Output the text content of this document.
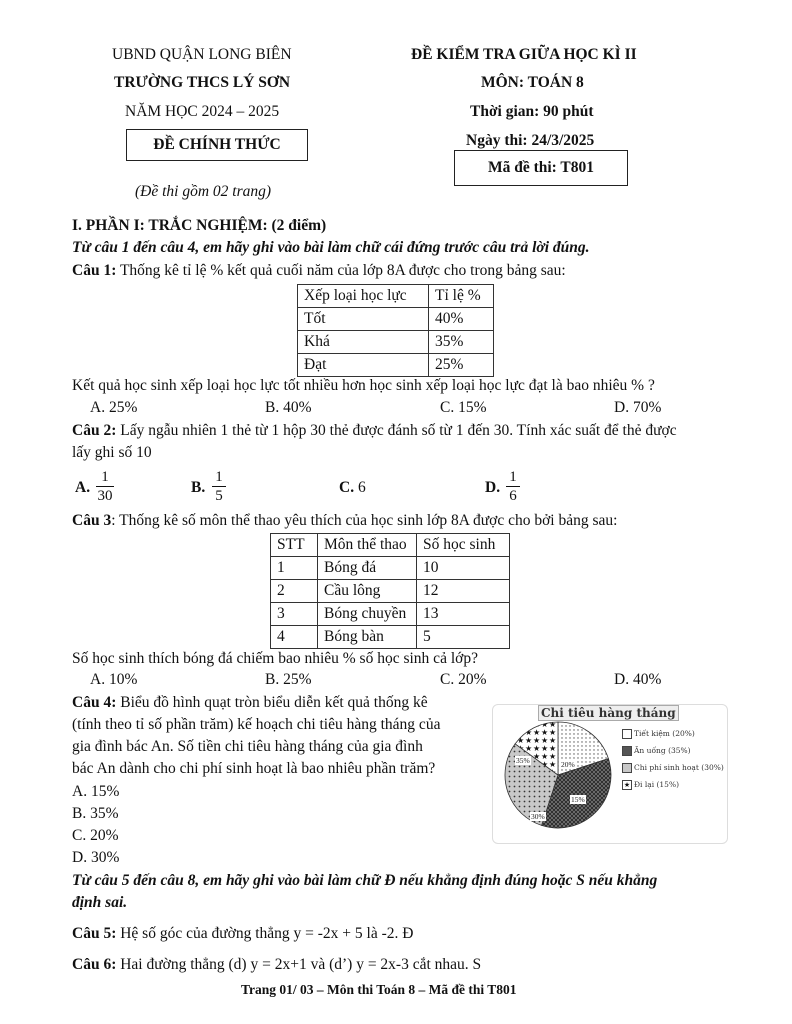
UBND QUẬN LONG BIÊN
TRƯỜNG THCS LÝ SƠN
NĂM HỌC 2024 – 2025
ĐỀ CHÍNH THỨC
(Đề thi gồm 02 trang)
ĐỀ KIỂM TRA GIỮA HỌC KÌ II
MÔN: TOÁN 8
Thời gian: 90 phút
Ngày thi: 24/3/2025
Mã đề thi: T801
I. PHẦN I: TRẮC NGHIỆM: (2 điểm)
Từ câu 1 đến câu 4, em hãy ghi vào bài làm chữ cái đứng trước câu trả lời đúng.
Câu 1: Thống kê tỉ lệ % kết quả cuối năm của lớp 8A được cho trong bảng sau:
Xếp loại học lực	Tỉ lệ %
Tốt	40%
Khá	35%
Đạt	25%
Kết quả học sinh xếp loại học lực tốt nhiều hơn học sinh xếp loại học lực đạt là bao nhiêu % ?
A. 25%	B. 40%	C. 15%	D. 70%
Câu 2: Lấy ngẫu nhiên 1 thẻ từ 1 hộp 30 thẻ được đánh số từ 1 đến 30. Tính xác suất để thẻ được
lấy ghi số 10
A.
1
30	B.
1
5	C. 6	D.
1
6
Câu 3: Thống kê số môn thể thao yêu thích của học sinh lớp 8A được cho bởi bảng sau:
STT	Môn thể thao	Số học sinh
1	Bóng đá	10
2	Cầu lông	12
3	Bóng chuyền	13
4	Bóng bàn	5
Số học sinh thích bóng đá chiếm bao nhiêu % số học sinh cả lớp?
A. 10%	B. 25%	C. 20%	D. 40%
Câu 4: Biểu đồ hình quạt tròn biểu diễn kết quả thống kê
(tính theo tỉ số phần trăm) kế hoạch chi tiêu hàng tháng của
gia đình bác An. Số tiền chi tiêu hàng tháng của gia đình
bác An dành cho chi phí sinh hoạt là bao nhiêu phần trăm?
A. 15%
B. 35%
C. 20%
D. 30%
Chi tiêu hàng tháng
20%
35%
30%
15%
Tiết kiệm (20%)
Ăn uống (35%)
Chi phí sinh hoạt (30%)
★ Đi lại (15%)
Từ câu 5 đến câu 8, em hãy ghi vào bài làm chữ Đ nếu khẳng định đúng hoặc S nếu khẳng
định sai.
Câu 5: Hệ số góc của đường thẳng y = -2x + 5 là -2. Đ
Câu 6: Hai đường thẳng (d) y = 2x+1 và (d’) y = 2x-3 cắt nhau. S
Trang 01/ 03 – Môn thi Toán 8 – Mã đề thi T801
